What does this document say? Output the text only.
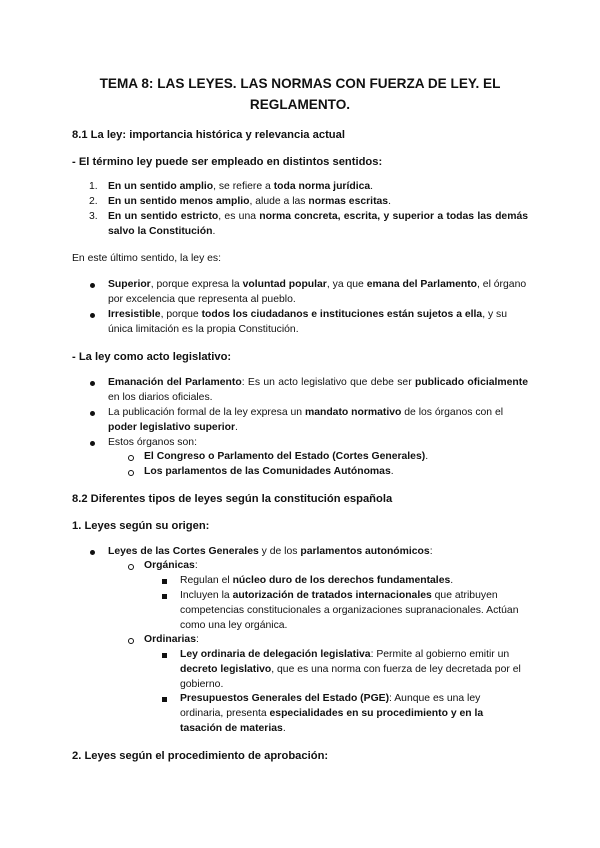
TEMA 8: LAS LEYES. LAS NORMAS CON FUERZA DE LEY. EL
REGLAMENTO.
8.1 La ley: importancia histórica y relevancia actual
- El término ley puede ser empleado en distintos sentidos:
1. En un sentido amplio, se refiere a toda norma jurídica.
2. En un sentido menos amplio, alude a las normas escritas.
3. En un sentido estricto, es una norma concreta, escrita, y superior a todas las demás salvo la Constitución.
En este último sentido, la ley es:
Superior, porque expresa la voluntad popular, ya que emana del Parlamento, el órgano por excelencia que representa al pueblo.
Irresistible, porque todos los ciudadanos e instituciones están sujetos a ella, y su única limitación es la propia Constitución.
- La ley como acto legislativo:
Emanación del Parlamento: Es un acto legislativo que debe ser publicado oficialmente en los diarios oficiales.
La publicación formal de la ley expresa un mandato normativo de los órganos con el poder legislativo superior.
Estos órganos son:
El Congreso o Parlamento del Estado (Cortes Generales).
Los parlamentos de las Comunidades Autónomas.
8.2 Diferentes tipos de leyes según la constitución española
1. Leyes según su origen:
Leyes de las Cortes Generales y de los parlamentos autonómicos:
Orgánicas:
Regulan el núcleo duro de los derechos fundamentales.
Incluyen la autorización de tratados internacionales que atribuyen competencias constitucionales a organizaciones supranacionales. Actúan como una ley orgánica.
Ordinarias:
Ley ordinaria de delegación legislativa: Permite al gobierno emitir un decreto legislativo, que es una norma con fuerza de ley decretada por el gobierno.
Presupuestos Generales del Estado (PGE): Aunque es una ley ordinaria, presenta especialidades en su procedimiento y en la tasación de materias.
2. Leyes según el procedimiento de aprobación:
